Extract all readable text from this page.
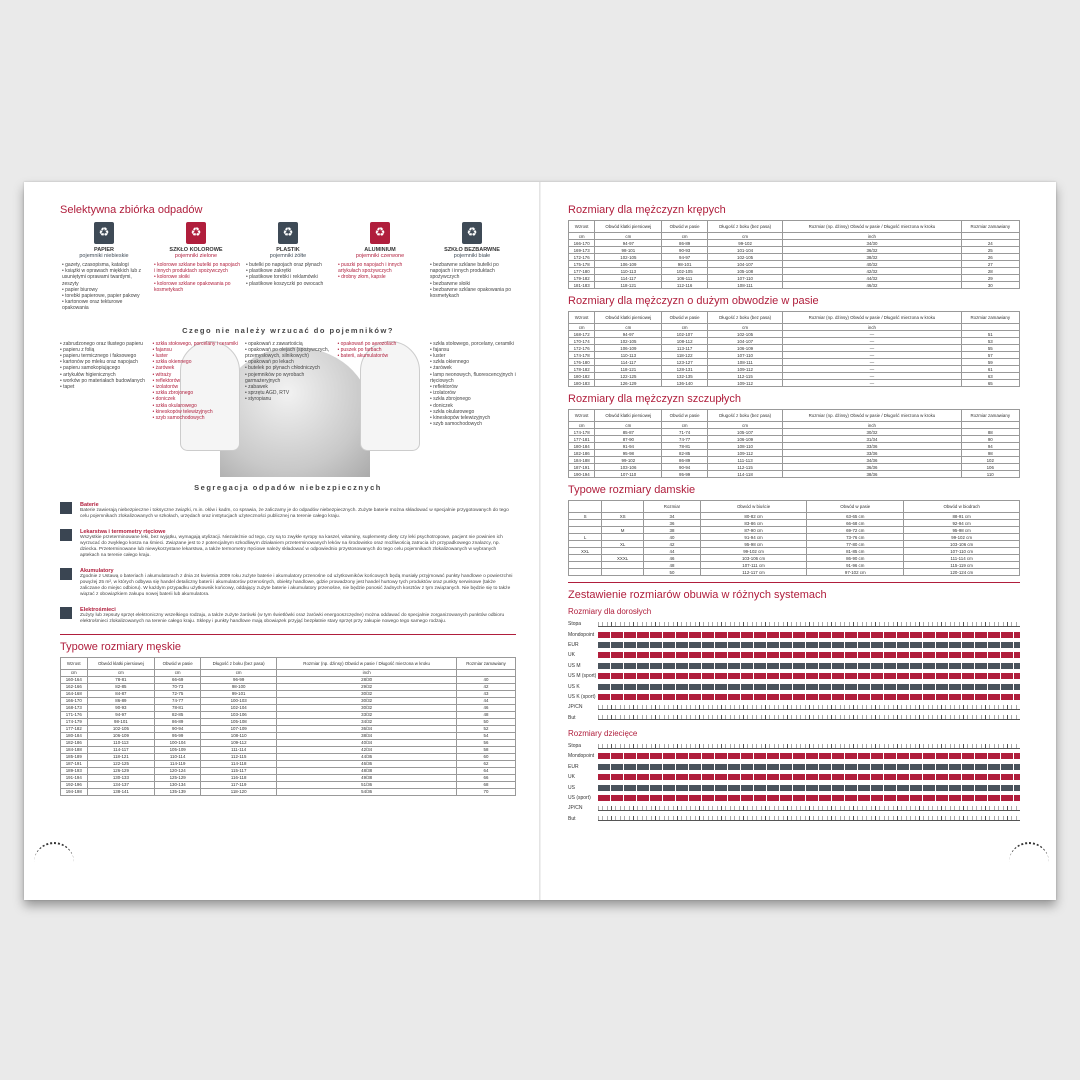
Selektywna zbiórka odpadów
♻
PAPIER
pojemniki niebieskie
• gazety, czasopisma, katalogi
• książki w oprawach miękkich lub z usuniętymi oprawami twardymi, zeszyty
• papier biurowy
• torebki papierowe, papier pakowy
• kartonowe oraz tekturowe opakowania
♻
SZKŁO KOLOROWE
pojemniki zielone
• kolorowe szklane butelki po napojach i innych produktach spożywczych
• kolorowe słoiki
• kolorowe szklane opakowania po kosmetykach
♻
PLASTIK
pojemniki żółte
• butelki po napojach oraz płynach
• plastikowe zakrętki
• plastikowe torebki i reklamówki
• plastikowe koszyczki po owocach
♻
ALUMINIUM
pojemniki czerwone
• puszki po napojach i innych artykułach spożywczych
• drobny złom, kapsle
♻
SZKŁO BEZBARWNE
pojemniki białe
• bezbarwne szklane butelki po napojach i innych produktach spożywczych
• bezbarwne słoiki
• bezbarwne szklane opakowania po kosmetykach
Czego nie należy wrzucać do pojemników?
• zabrudzonego oraz tłustego papieru
• papieru z folią
• papieru termicznego i faksowego
• kartonów po mleku oraz napojach
• papieru samokopiującego
• artykułów higienicznych
• worków po materiałach budowlanych
• tapet
• szkła stołowego, porcelany i ceramiki
• fajansu
• luster
• szkła okiennego
• żarówek
• witraży
• reflektorów
• izolatorów
• szkła zbrojonego
• doniczek
• szkła okularowego
• kineskopów telewizyjnych
• szyb samochodowych
• opakowań z zawartością
• opakowań po olejach (spożywczych, przemysłowych, silnikowych)
• opakowań po lekach
• butelek po płynach chłodniczych
• pojemników po wyrobach garmażeryjnych
• zabawek
• sprzętu AGD, RTV
• styropianu
• opakowań po aerozolach
• puszek po farbach
• baterii, akumulatorów
• szkła stołowego, porcelany, ceramiki
• fajansu
• luster
• szkła okiennego
• żarówek
• lamp neonowych, fluorescencyjnych i rtęciowych
• reflektorów
• izolatorów
• szkła zbrojonego
• doniczek
• szkła okularowego
• kineskopów telewizyjnych
• szyb samochodowych
Segregacja odpadów niebezpiecznych
Baterie

Baterie zawierają niebezpieczne i toksyczne związki, m.in. ołów i kadm, co sprawia, że zaliczamy je do odpadów niebezpiecznych. Zużyte baterie można składować w specjalnie przygotowanych do tego celu pojemnikach zlokalizowanych w szkołach, urzędach oraz instytucjach użyteczności publicznej na terenie całego kraju.

Lekarstwa i termometry rtęciowe

Wszystkie przeterminowane leki, bez wyjątku, wymagają utylizacji. Niezależnie od tego, czy są to zwykłe syropy na kaszel, witaminy, suplementy diety czy leki psychotropowe, pacjent nie powinien ich wyrzucać do zwykłego kosza na śmieci. Związane jest to z potencjalnym szkodliwym działaniem przeterminowanych leków na środowisko oraz możliwością zatrucia ich przypadkowego znalazcy, np. dziecka. Przeterminowane lub niewykorzystane lekarstwa, a także termometry rtęciowe należy składować w odpowiednio przystosowanych do tego celu pojemnikach zlokalizowanych w wybranych aptekach na terenie całego kraju.

Akumulatory

Zgodnie z Ustawą o bateriach i akumulatorach z dnia 24 kwietnia 2009 roku zużyte baterie i akumulatory przenośne od użytkowników końcowych będą musiały przyjmować punkty handlowe o powierzchni powyżej 25 m², w których odbywa się handel detaliczny baterii i akumulatorów przenośnych, obiekty handlowe, gdzie prowadzony jest handel hurtowy tych produktów oraz punkty serwisowe (także zaliczane do miejsc odbioru). W każdym przypadku użytkownik końcowy, oddający zużyte baterie i akumulatory przenośne, nie będzie ponosić żadnych kosztów z tym związanych. Nie będzie się to także wiązać z obowiązkiem zakupu nowej baterii lub akumulatora.

Elektrośmieci

Zużyty lub zepsuty sprzęt elektroniczny wszelkiego rodzaju, a także zużyte żarówki (w tym świetlówki oraz żarówki energooszczędne) można oddawać do specjalnie zorganizowanych punktów odbioru elektrośmieci zlokalizowanych na terenie całego kraju. Sklepy i punkty handlowe mają obowiązek przyjąć bezpłatnie stary sprzęt przy zakupie nowego tego samego rodzaju.

Typowe rozmiary męskie
Wzrost	Obwód klatki piersiowej	Obwód w pasie	Długość z boku (bez pasa)	Rozmiar (np. dżinsy) Obwód w pasie / Długość mierzona w kroku	Rozmiar zamawiany
cm	cm	cm	cm	inch	
160-164	78-81	66-69	96-99	28/30	40
162-166	82-85	70-73	98-100	29/32	42
164-168	84-87	72-75	99-101	30/32	43
166-170	86-89	74-77	100-103	30/32	44
168-173	90-93	78-81	102-104	30/32	46
171-176	94-97	82-85	103-106	33/32	48
174-179	98-101	86-89	105-108	34/32	50
177-182	102-105	90-94	107-109	36/34	52
180-184	106-109	95-99	108-110	38/34	54
182-186	110-113	100-104	109-112	40/34	56
184-188	114-117	105-109	111-114	42/34	58
185-189	118-121	110-114	112-115	44/36	60
187-191	122-125	114-119	114-118	46/36	62
189-193	126-129	120-124	115-117	48/38	64
191-194	130-133	125-129	116-118	49/38	66
192-196	134-137	130-134	117-119	51/36	68
194-198	138-141	135-139	118-120	54/36	70
Rozmiary dla mężczyzn krępych
Wzrost	Obwód klatki piersiowej	Obwód w pasie	Długość z boku (bez pasa)	Rozmiar (np. dżinsy) Obwód w pasie / Długość mierzona w kroku	Rozmiar zamawiany
cm	cm	cm	cm	inch	
166-170	94-97	86-89	99-102	34/30	24
169-173	98-101	90-93	101-104	36/32	25
172-176	102-105	94-97	102-105	38/32	26
175-178	106-109	98-101	104-107	40/32	27
177-180	110-113	102-105	105-108	42/32	28
179-182	114-117	106-111	107-110	44/32	29
181-183	118-121	112-116	108-111	46/32	30
Rozmiary dla mężczyzn o dużym obwodzie w pasie
Wzrost	Obwód klatki piersiowej	Obwód w pasie	Długość z boku (bez pasa)	Rozmiar (np. dżinsy) Obwód w pasie / Długość mierzona w kroku	Rozmiar zamawiany
cm	cm	cm	cm	inch	
168-172	94-97	102-107	102-105	—	51
170-174	102-105	108-112	104-107	—	53
172-176	106-109	113-117	106-109	—	55
174-178	110-113	118-122	107-110	—	57
176-180	114-117	123-127	108-111	—	59
178-182	118-121	128-131	109-112	—	61
180-182	122-125	132-135	112-115	—	63
180-183	126-129	136-140	109-112	—	65
Rozmiary dla mężczyzn szczupłych
Wzrost	Obwód klatki piersiowej	Obwód w pasie	Długość z boku (bez pasa)	Rozmiar (np. dżinsy) Obwód w pasie / Długość mierzona w kroku	Rozmiar zamawiany
cm	cm	cm	cm	inch	
174-178	85-87	71-74	105-107	30/32	88
177-181	87-90	74-77	106-109	31/34	90
180-184	91-94	78-81	108-110	33/36	94
182-186	95-98	82-85	109-112	33/36	98
184-188	99-102	86-89	111-113	34/36	102
187-191	103-106	90-94	112-115	36/36	106
190-194	107-110	95-99	114-118	38/36	110
Typowe rozmiary damskie
		Rozmiar	Obwód w biuście	Obwód w pasie	Obwód w biodrach
S	XS	34	80-82 cm	63-65 cm	88-91 cm
		36	83-86 cm	66-68 cm	92-94 cm
	M	38	87-90 cm	69-72 cm	95-98 cm
L		40	91-94 cm	73-76 cm	99-102 cm
	XL	42	95-98 cm	77-80 cm	103-106 cm
XXL		44	99-102 cm	81-85 cm	107-110 cm
	XXXL	46	103-106 cm	86-90 cm	111-114 cm
		48	107-111 cm	91-96 cm	115-119 cm
		50	112-117 cm	97-102 cm	120-124 cm
Zestawienie rozmiarów obuwia w różnych systemach
Rozmiary dla dorosłych
Stopa
Mondopoint
EUR
UK
US M
US M (sport)
US K
US K (sport)
JP/CN
But
Rozmiary dziecięce
Stopa
Mondopoint
EUR
UK
US
US (sport)
JP/CN
But
